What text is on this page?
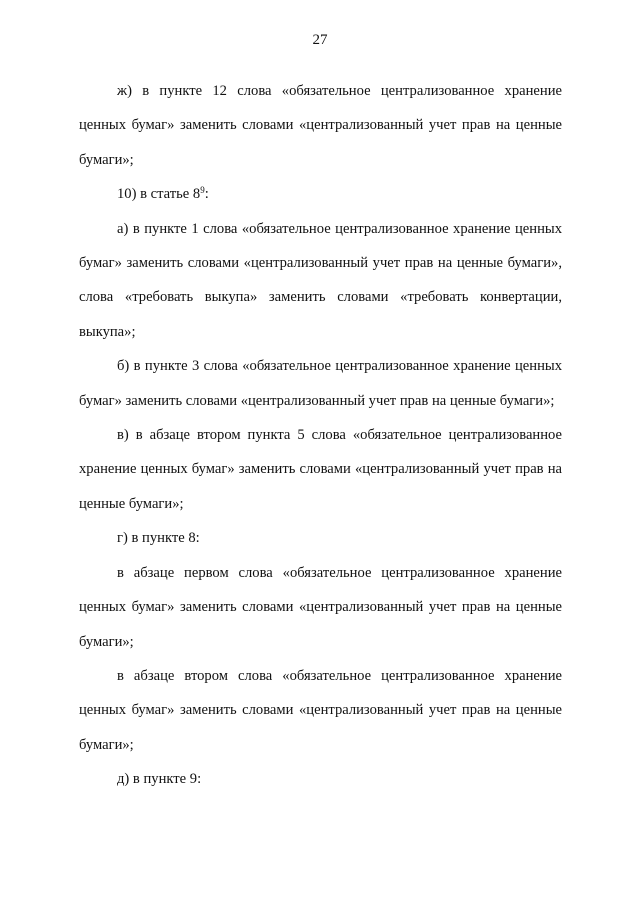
27

ж) в пункте 12 слова «обязательное централизованное хранение ценных бумаг» заменить словами «централизованный учет прав на ценные бумаги»;

10) в статье $8^9$:

а) в пункте 1 слова «обязательное централизованное хранение ценных бумаг» заменить словами «централизованный учет прав на ценные бумаги», слова «требовать выкупа» заменить словами «требовать конвертации, выкупа»;

б) в пункте 3 слова «обязательное централизованное хранение ценных бумаг» заменить словами «централизованный учет прав на ценные бумаги»;

в) в абзаце втором пункта 5 слова «обязательное централизованное хранение ценных бумаг» заменить словами «централизованный учет прав на ценные бумаги»;

г) в пункте 8:

в абзаце первом слова «обязательное централизованное хранение ценных бумаг» заменить словами «централизованный учет прав на ценные бумаги»;

в абзаце втором слова «обязательное централизованное хранение ценных бумаг» заменить словами «централизованный учет прав на ценные бумаги»;

д) в пункте 9:
